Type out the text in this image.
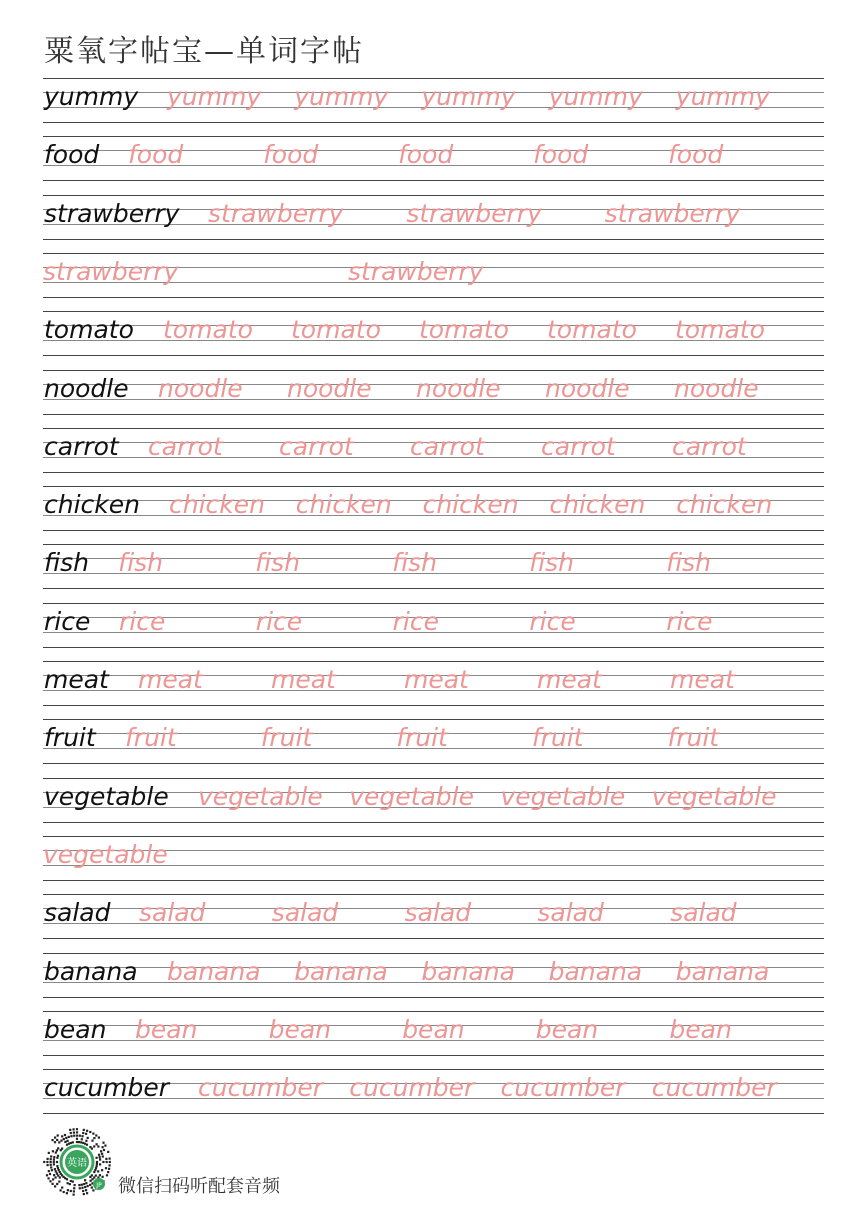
粟氧字帖宝—单词字帖
yummy yummy yummy yummy yummy yummy
food food	food	food	food	food
strawberry strawberry	strawberry	strawberry
strawberry	strawberry
tomato tomato tomato tomato tomato tomato
noodle noodle noodle noodle noodle noodle
carrot carrot carrot carrot carrot carrot
chicken chicken chicken chicken chicken chicken
fish fish	fish	fish	fish	fish
rice rice	rice	rice	rice	rice
meat meat	meat	meat	meat	meat
fruit fruit	fruit	fruit	fruit	fruit
vegetable vegetable vegetable vegetable vegetable
vegetable
salad salad	salad	salad	salad	salad
banana banana banana banana banana banana
bean bean	bean	bean	bean	bean
cucumber cucumber cucumber cucumber cucumber
英语
JP 微信扫码听配套音频
